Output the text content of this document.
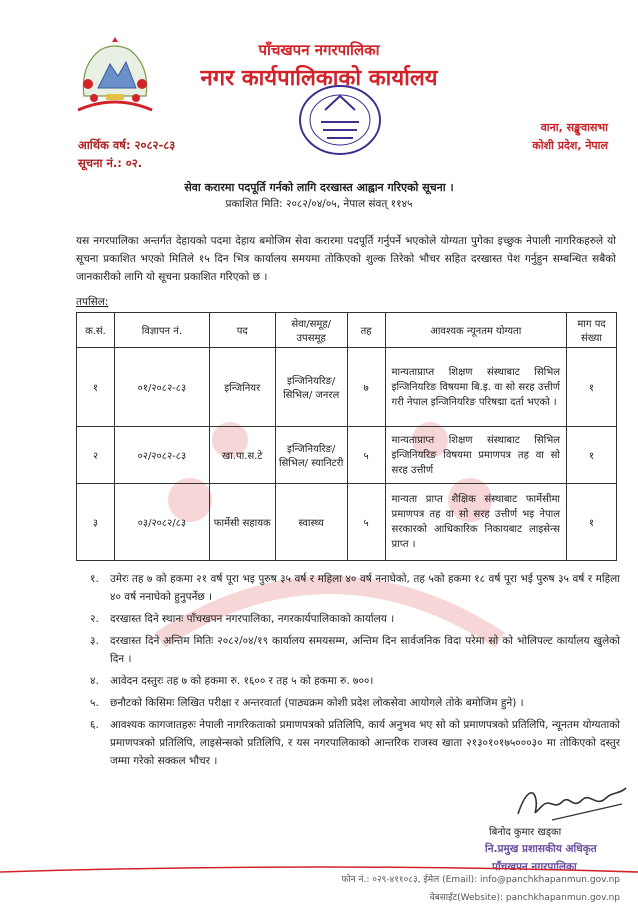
पाँचखपन नगरपालिका
नगर कार्यपालिकाको कार्यालय
वाना, सङ्खुवासभा
कोशी प्रदेश, नेपाल
आर्थिक वर्ष: २०८२-८३
सूचना नं.: ०२.
सेवा करारमा पदपूर्ति गर्नको लागि दरखास्त आह्वान गरिएको सूचना ।
प्रकाशित मिति: २०८२/०४/०५, नेपाल संवत् ११४५
यस नगरपालिका अन्तर्गत देहायको पदमा देहाय बमोजिम सेवा करारमा पदपूर्ति गर्नुपर्ने भएकोले योग्यता पुगेका इच्छुक नेपाली नागरिकहरुले यो सूचना प्रकाशित भएको मितिले १५ दिन भित्र कार्यालय समयमा तोकिएको शुल्क तिरेको भौचर सहित दरखास्त पेश गर्नुहुन सम्बन्धित सबैको जानकारीको लागि यो सूचना प्रकाशित गरिएको छ ।
तपसिल:
क.सं.	विज्ञापन नं.	पद	सेवा/समूह/ उपसमूह	तह	आवश्यक न्यूनतम योग्यता	माग पद संख्या
१	०१/२०८२-८३	इन्जिनियर	इन्जिनियरिङ/ सिभिल/ जनरल	७	मान्यताप्राप्त शिक्षण संस्थाबाट सिभिल इन्जिनियरिङ विषयमा बि.इ. वा सो सरह उत्तीर्ण गरी नेपाल इन्जिनियरिङ परिषद्मा दर्ता भएको ।	१
२	०२/२०८२-८३	खा.पा.स.टे	इन्जिनियरिङ/ सिभिल/ स्यानिटरी	५	मान्यताप्राप्त शिक्षण संस्थाबाट सिभिल इन्जिनियरिङ विषयमा प्रमाणपत्र तह वा सो सरह उत्तीर्ण	१
३	०३/२०८२/८३	फार्मेसी सहायक	स्वास्थ्य	५	मान्यता प्राप्त शैक्षिक संस्थाबाट फार्मेसीमा प्रमाणपत्र तह वा सो सरह उत्तीर्ण भइ नेपाल सरकारको आधिकारिक निकायबाट लाइसेन्स प्राप्त ।	१
१.	उमेरः तह ७ को हकमा २१ वर्ष पूरा भइ पुरुष ३५ वर्ष र महिला ४० वर्ष ननाघेको, तह ५को हकमा १८ वर्ष पूरा भई पुरुष ३५ वर्ष र महिला ४० वर्ष ननाघेको हुनुपर्नेछ ।
२.	दरखास्त दिने स्थानः पाँचखपन नगरपालिका, नगरकार्यपालिकाको कार्यालय ।
३.	दरखास्त दिने अन्तिम मितिः २०८२/०४/१९ कार्यालय समयसम्म, अन्तिम दिन सार्वजनिक विदा परेमा सो को भोलिपल्ट कार्यालय खुलेको दिन ।
४.	आवेदन दस्तुरः तह ७ को हकमा रु. १६०० र तह ५ को हकमा रु. ७००।
५.	छनौटको किसिमः लिखित परीक्षा र अन्तरवार्ता (पाठ्यक्रम कोशी प्रदेश लोकसेवा आयोगले तोके बमोजिम हुने) ।
६.	आवश्यक कागजातहरुः नेपाली नागरिकताको प्रमाणपत्रको प्रतिलिपि, कार्य अनुभव भए सो को प्रमाणपत्रको प्रतिलिपि, न्यूनतम योग्यताको प्रमाणपत्रको प्रतिलिपि, लाइसेन्सको प्रतिलिपि, र यस नगरपालिकाको आन्तरिक राजस्व खाता २१३०१०१७५०००३० मा तोकिएको दस्तुर जम्मा गरेको सक्कल भौचर ।
बिनोद कुमार खड्का
नि.प्रमुख प्रशासकीय अधिकृत
पाँचखपन नगरपालिका
फोन नं.: ०२९-४११०८३, ईमेल (Email): info@panchkhapanmun.gov.np
वेबसाईट(Website): panchkhapanmun.gov.np
